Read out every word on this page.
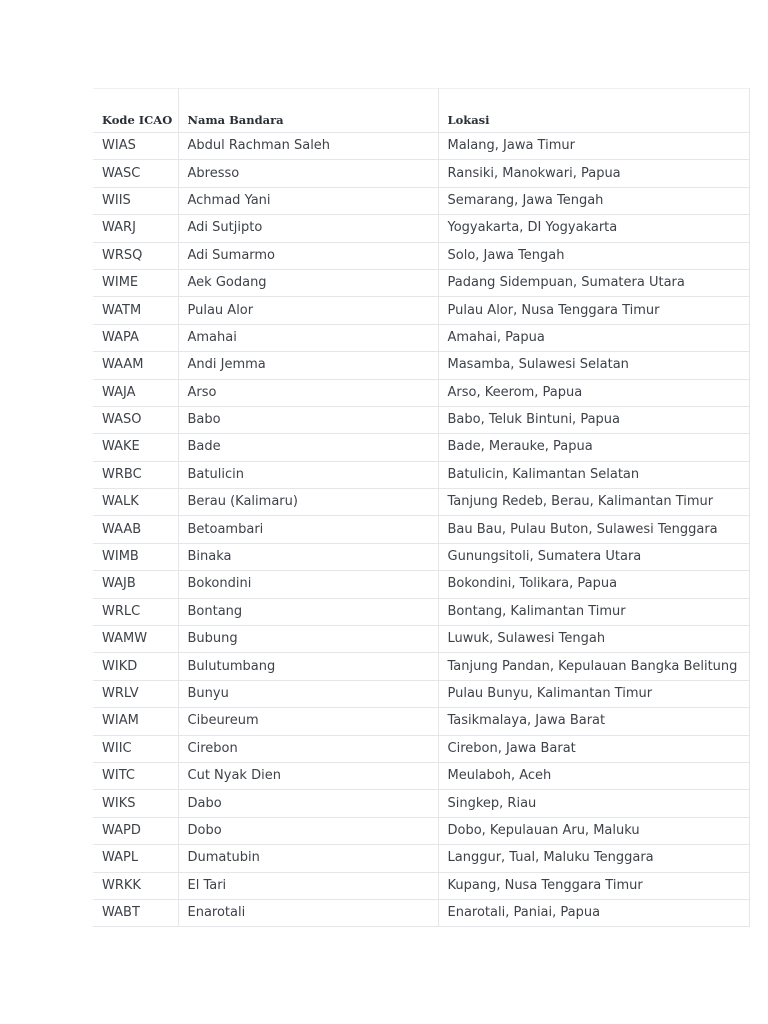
Kode ICAO	Nama Bandara	Lokasi
WIAS	Abdul Rachman Saleh	Malang, Jawa Timur
WASC	Abresso	Ransiki, Manokwari, Papua
WIIS	Achmad Yani	Semarang, Jawa Tengah
WARJ	Adi Sutjipto	Yogyakarta, DI Yogyakarta
WRSQ	Adi Sumarmo	Solo, Jawa Tengah
WIME	Aek Godang	Padang Sidempuan, Sumatera Utara
WATM	Pulau Alor	Pulau Alor, Nusa Tenggara Timur
WAPA	Amahai	Amahai, Papua
WAAM	Andi Jemma	Masamba, Sulawesi Selatan
WAJA	Arso	Arso, Keerom, Papua
WASO	Babo	Babo, Teluk Bintuni, Papua
WAKE	Bade	Bade, Merauke, Papua
WRBC	Batulicin	Batulicin, Kalimantan Selatan
WALK	Berau (Kalimaru)	Tanjung Redeb, Berau, Kalimantan Timur
WAAB	Betoambari	Bau Bau, Pulau Buton, Sulawesi Tenggara
WIMB	Binaka	Gunungsitoli, Sumatera Utara
WAJB	Bokondini	Bokondini, Tolikara, Papua
WRLC	Bontang	Bontang, Kalimantan Timur
WAMW	Bubung	Luwuk, Sulawesi Tengah
WIKD	Bulutumbang	Tanjung Pandan, Kepulauan Bangka Belitung
WRLV	Bunyu	Pulau Bunyu, Kalimantan Timur
WIAM	Cibeureum	Tasikmalaya, Jawa Barat
WIIC	Cirebon	Cirebon, Jawa Barat
WITC	Cut Nyak Dien	Meulaboh, Aceh
WIKS	Dabo	Singkep, Riau
WAPD	Dobo	Dobo, Kepulauan Aru, Maluku
WAPL	Dumatubin	Langgur, Tual, Maluku Tenggara
WRKK	El Tari	Kupang, Nusa Tenggara Timur
WABT	Enarotali	Enarotali, Paniai, Papua
